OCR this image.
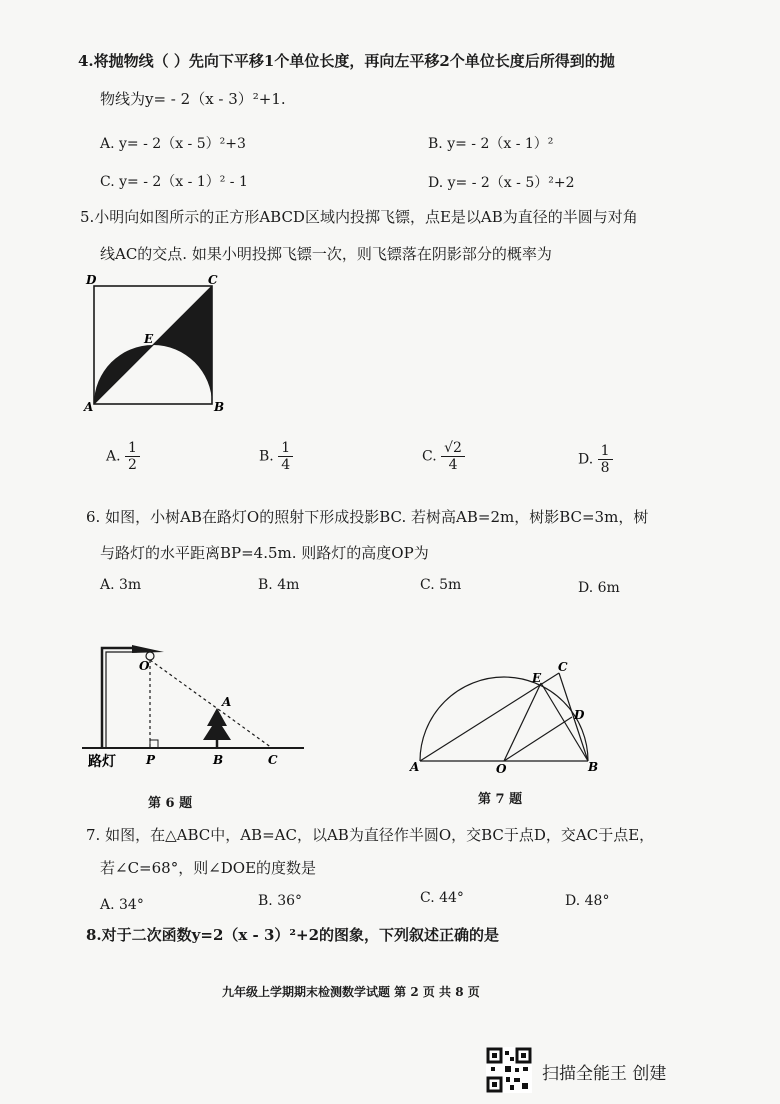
4.将抛物线（ ）先向下平移1个单位长度，再向左平移2个单位长度后所得到的抛
物线为y= - 2（x - 3）²+1.
A. y= - 2（x - 5）²+3	B. y= - 2（x - 1）²
C. y= - 2（x - 1）² - 1	D. y= - 2（x - 5）²+2
5.小明向如图所示的正方形ABCD区域内投掷飞镖，点E是以AB为直径的半圆与对角
线AC的交点. 如果小明投掷飞镖一次，则飞镖落在阴影部分的概率为
A	B
C
D
E
A. $\frac{1}{2}$	B. $\frac{1}{4}$	C. $\frac{√2}{4}$	D. $\frac{1}{8}$
6. 如图，小树AB在路灯O的照射下形成投影BC. 若树高AB=2m，树影BC=3m，树
与路灯的水平距离BP=4.5m. 则路灯的高度OP为
A. 3m	B. 4m	C. 5m	D. 6m
O
A
P	B	C
路灯
第 6 题
A	O	B
C
D
E
第 7 题
7. 如图，在△ABC中，AB=AC，以AB为直径作半圆O，交BC于点D，交AC于点E，
若∠C=68°，则∠DOE的度数是
A. 34°	B. 36°	C. 44°	D. 48°
8.对于二次函数y=2（x - 3）²+2的图象，下列叙述正确的是
九年级上学期期末检测数学试题 第 2 页 共 8 页
扫描全能王 创建
